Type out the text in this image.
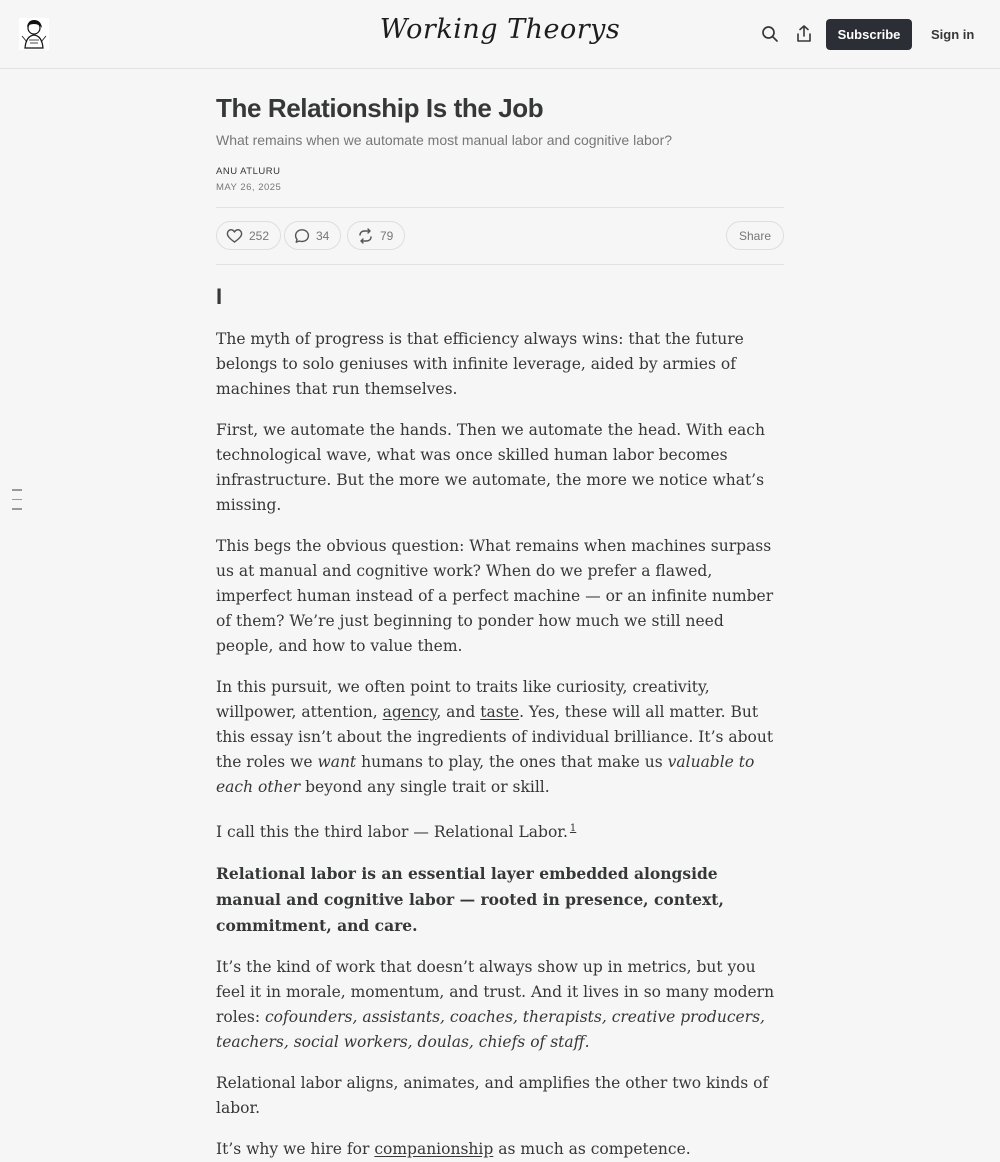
Working Theorys	Subscribe	Sign in
The Relationship Is the Job
What remains when we automate most manual labor and cognitive labor?
ANU ATLURU
MAY 26, 2025
252	34	79	Share
I

The myth of progress is that efficiency always wins: that the future belongs to solo geniuses with infinite leverage, aided by armies of machines that run themselves.

First, we automate the hands. Then we automate the head. With each technological wave, what was once skilled human labor becomes infrastructure. But the more we automate, the more we notice what’s missing.

This begs the obvious question: What remains when machines surpass us at manual and cognitive work? When do we prefer a flawed, imperfect human instead of a perfect machine — or an infinite number of them? We’re just beginning to ponder how much we still need people, and how to value them.

In this pursuit, we often point to traits like curiosity, creativity, willpower, attention, agency, and taste. Yes, these will all matter. But this essay isn’t about the ingredients of individual brilliance. It’s about the roles we want humans to play, the ones that make us valuable to each other beyond any single trait or skill.

I call this the third labor — Relational Labor. $^1$

Relational labor is an essential layer embedded alongside manual and cognitive labor — rooted in presence, context, commitment, and care.

It’s the kind of work that doesn’t always show up in metrics, but you feel it in morale, momentum, and trust. And it lives in so many modern roles: cofounders, assistants, coaches, therapists, creative producers, teachers, social workers, doulas, chiefs of staff.

Relational labor aligns, animates, and amplifies the other two kinds of labor.

It’s why we hire for companionship as much as competence.
